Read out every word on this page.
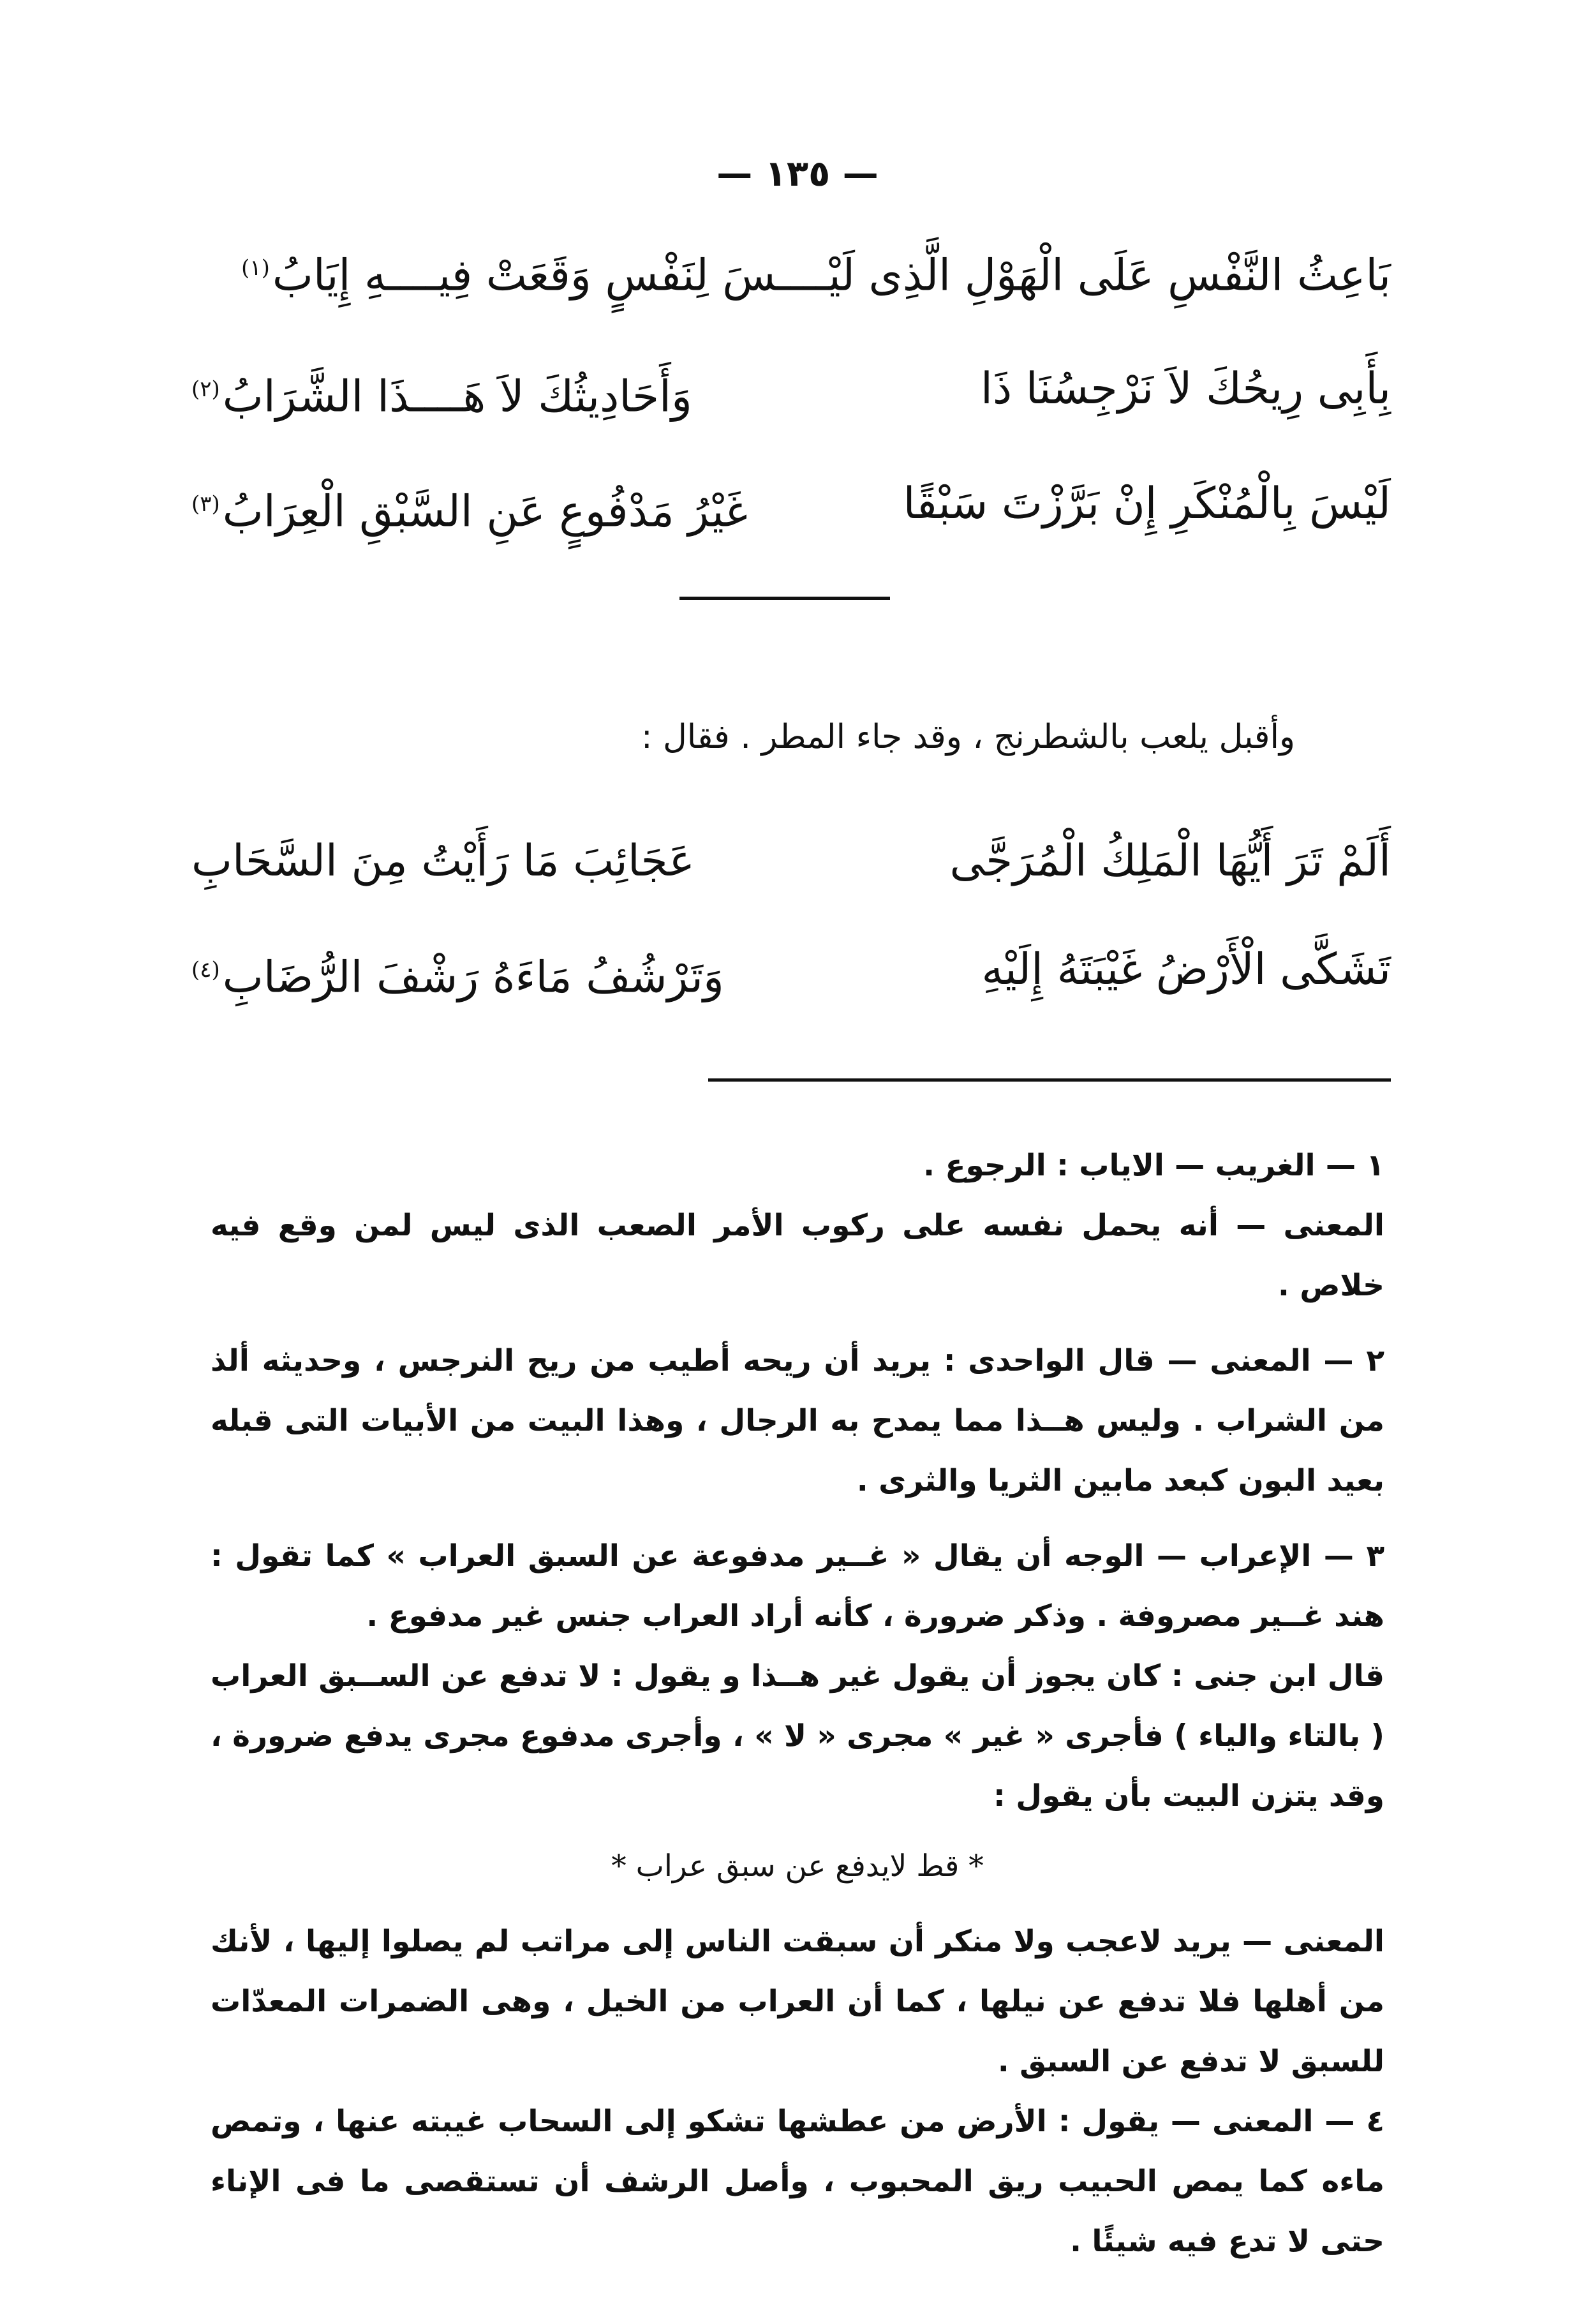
— ١٣٥ —
بَاعِثُ النَّفْسِ عَلَى الْهَوْلِ الَّذِى لَيْــــسَ لِنَفْسٍ وَقَعَتْ فِيــــهِ إِيَابُ$^{(١)}$
بِأَبِى رِيحُكَ لاَ نَرْجِسُنَا ذَا
وَأَحَادِيثُكَ لاَ هَــــذَا الشَّرَابُ$^{(٢)}$
لَيْسَ بِالْمُنْكَرِ إِنْ بَرَّزْتَ سَبْقًا
غَيْرُ مَدْفُوعٍ عَنِ السَّبْقِ الْعِرَابُ$^{(٣)}$
وأقبل يلعب بالشطرنج ، وقد جاء المطر . فقال :
أَلَمْ تَرَ أَيُّهَا الْمَلِكُ الْمُرَجَّى
عَجَائِبَ مَا رَأَيْتُ مِنَ السَّحَابِ
تَشَكَّى الْأَرْضُ غَيْبَتَهُ إِلَيْهِ
وَتَرْشُفُ مَاءَهُ رَشْفَ الرُّضَابِ$^{(٤)}$

١ — الغريب — الاياب : الرجوع .

المعنى — أنه يحمل نفسه على ركوب الأمر الصعب الذى ليس لمن وقع فيه خلاص .

٢ — المعنى — قال الواحدى : يريد أن ريحه أطيب من ريح النرجس ، وحديثه ألذ من الشراب . وليس هــذا مما يمدح به الرجال ، وهذا البيت من الأبيات التى قبله بعيد البون كبعد مابين الثريا والثرى .

٣ — الإعراب — الوجه أن يقال « غــير مدفوعة عن السبق العراب » كما تقول : هند غــير مصروفة . وذكر ضرورة ، كأنه أراد العراب جنس غير مدفوع .

قال ابن جنى : كان يجوز أن يقول غير هــذا و يقول : لا تدفع عن الســبق العراب ( بالتاء والياء ) فأجرى « غير » مجرى « لا » ، وأجرى مدفوع مجرى يدفع ضرورة ، وقد يتزن البيت بأن يقول :

* قط لايدفع عن سبق عراب *

المعنى — يريد لاعجب ولا منكر أن سبقت الناس إلى مراتب لم يصلوا إليها ، لأنك من أهلها فلا تدفع عن نيلها ، كما أن العراب من الخيل ، وهى الضمرات المعدّات للسبق لا تدفع عن السبق .

٤ — المعنى — يقول : الأرض من عطشها تشكو إلى السحاب غيبته عنها ، وتمص ماءه كما يمص الحبيب ريق المحبوب ، وأصل الرشف أن تستقصى ما فى الإناء حتى لا تدع فيه شيئًا .
